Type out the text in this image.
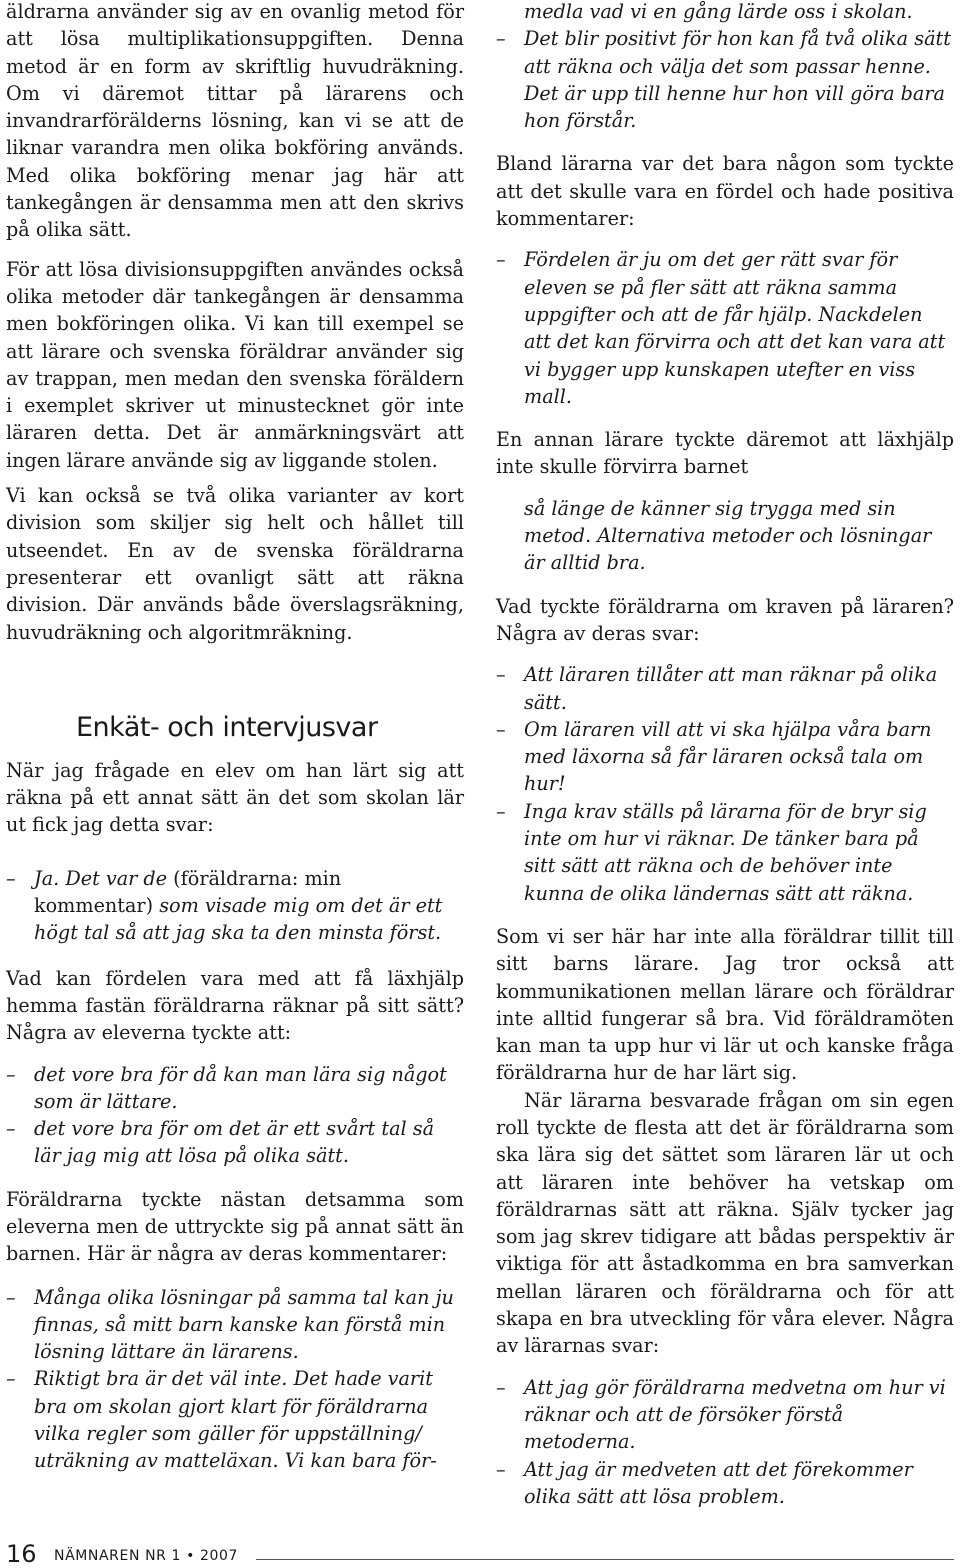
äldrarna använder sig av en ovanlig metod för att lösa multiplikationsuppgiften. Denna metod är en form av skriftlig huvudräkning. Om vi däremot tittar på lärarens och invandrarförälderns lösning, kan vi se att de liknar varandra men olika bokföring används. Med olika bokföring menar jag här att tankegången är densamma men att den skrivs på olika sätt.

För att lösa divisionsuppgiften användes också olika metoder där tankegången är densamma men bokföringen olika. Vi kan till exempel se att lärare och svenska föräldrar använder sig av trappan, men medan den svenska föräldern i exemplet skriver ut minustecknet gör inte läraren detta. Det är anmärkningsvärt att ingen lärare använde sig av liggande stolen.

Vi kan också se två olika varianter av kort division som skiljer sig helt och hållet till utseendet. En av de svenska föräldrarna presenterar ett ovanligt sätt att räkna division. Där används både överslagsräkning, huvudräkning och algoritmräkning.

Enkät- och intervjusvar

När jag frågade en elev om han lärt sig att räkna på ett annat sätt än det som skolan lär ut fick jag detta svar:

– Ja. Det var de (föräldrarna: min kommentar) som visade mig om det är ett högt tal så att jag ska ta den minsta först.

Vad kan fördelen vara med att få läxhjälp hemma fastän föräldrarna räknar på sitt sätt? Några av eleverna tyckte att:

– det vore bra för då kan man lära sig något som är lättare.
– det vore bra för om det är ett svårt tal så lär jag mig att lösa på olika sätt.

Föräldrarna tyckte nästan detsamma som eleverna men de uttryckte sig på annat sätt än barnen. Här är några av deras kommentarer:

– Många olika lösningar på samma tal kan ju finnas, så mitt barn kanske kan förstå min lösning lättare än lärarens.
– Riktigt bra är det väl inte. Det hade varit bra om skolan gjort klart för föräldrarna vilka regler som gäller för uppställning/ uträkning av matteläxan. Vi kan bara för-
medla vad vi en gång lärde oss i skolan.
– Det blir positivt för hon kan få två olika sätt att räkna och välja det som passar henne. Det är upp till henne hur hon vill göra bara hon förstår.

Bland lärarna var det bara någon som tyckte att det skulle vara en fördel och hade positiva kommentarer:

– Fördelen är ju om det ger rätt svar för eleven se på fler sätt att räkna samma uppgifter och att de får hjälp. Nackdelen att det kan förvirra och att det kan vara att vi bygger upp kunskapen utefter en viss mall.

En annan lärare tyckte däremot att läxhjälp inte skulle förvirra barnet

så länge de känner sig trygga med sin metod. Alternativa metoder och lösningar är alltid bra.

Vad tyckte föräldrarna om kraven på läraren? Några av deras svar:

– Att läraren tillåter att man räknar på olika sätt.
– Om läraren vill att vi ska hjälpa våra barn med läxorna så får läraren också tala om hur!
– Inga krav ställs på lärarna för de bryr sig inte om hur vi räknar. De tänker bara på sitt sätt att räkna och de behöver inte kunna de olika ländernas sätt att räkna.

Som vi ser här har inte alla föräldrar tillit till sitt barns lärare. Jag tror också att kommunikationen mellan lärare och föräldrar inte alltid fungerar så bra. Vid föräldramöten kan man ta upp hur vi lär ut och kanske fråga föräldrarna hur de har lärt sig.

När lärarna besvarade frågan om sin egen roll tyckte de flesta att det är föräldrarna som ska lära sig det sättet som läraren lär ut och att läraren inte behöver ha vetskap om föräldrarnas sätt att räkna. Själv tycker jag som jag skrev tidigare att bådas perspektiv är viktiga för att åstadkomma en bra samverkan mellan läraren och föräldrarna och för att skapa en bra utveckling för våra elever. Några av lärarnas svar:

– Att jag gör föräldrarna medvetna om hur vi räknar och att de försöker förstå metoderna.
– Att jag är medveten att det förekommer olika sätt att lösa problem.
16 NÄMNAREN NR 1 • 2007
